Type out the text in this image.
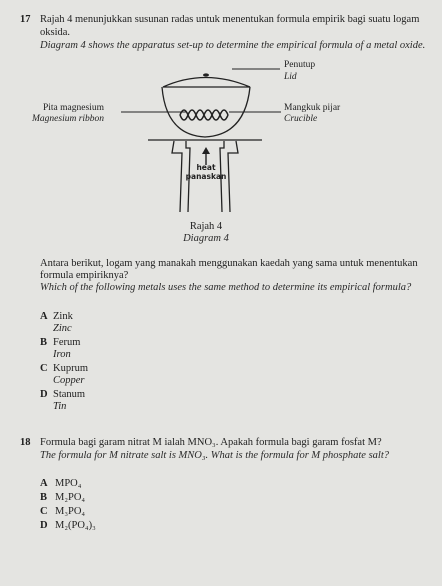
17 Rajah 4 menunjukkan susunan radas untuk menentukan formula empirik bagi suatu logam
oksida.
Diagram 4 shows the apparatus set-up to determine the empirical formula of a metal oxide.
Penutup
Lid
Pita magnesium
Magnesium ribbon
Mangkuk pijar
Crucible
heat
panaskan
Rajah 4
Diagram 4
Antara berikut, logam yang manakah menggunakan kaedah yang sama untuk menentukan
formula empiriknya?
Which of the following metals uses the same method to determine its empirical formula?
A Zink
Zinc
B Ferum
Iron
C Kuprum
Copper
D Stanum
Tin
18 Formula bagi garam nitrat M ialah MNO₃. Apakah formula bagi garam fosfat M?
The formula for M nitrate salt is MNO₃. What is the formula for M phosphate salt?
A MPO₄
B M₂PO₄
C M₃PO₄
D M₂(PO₄)₃
